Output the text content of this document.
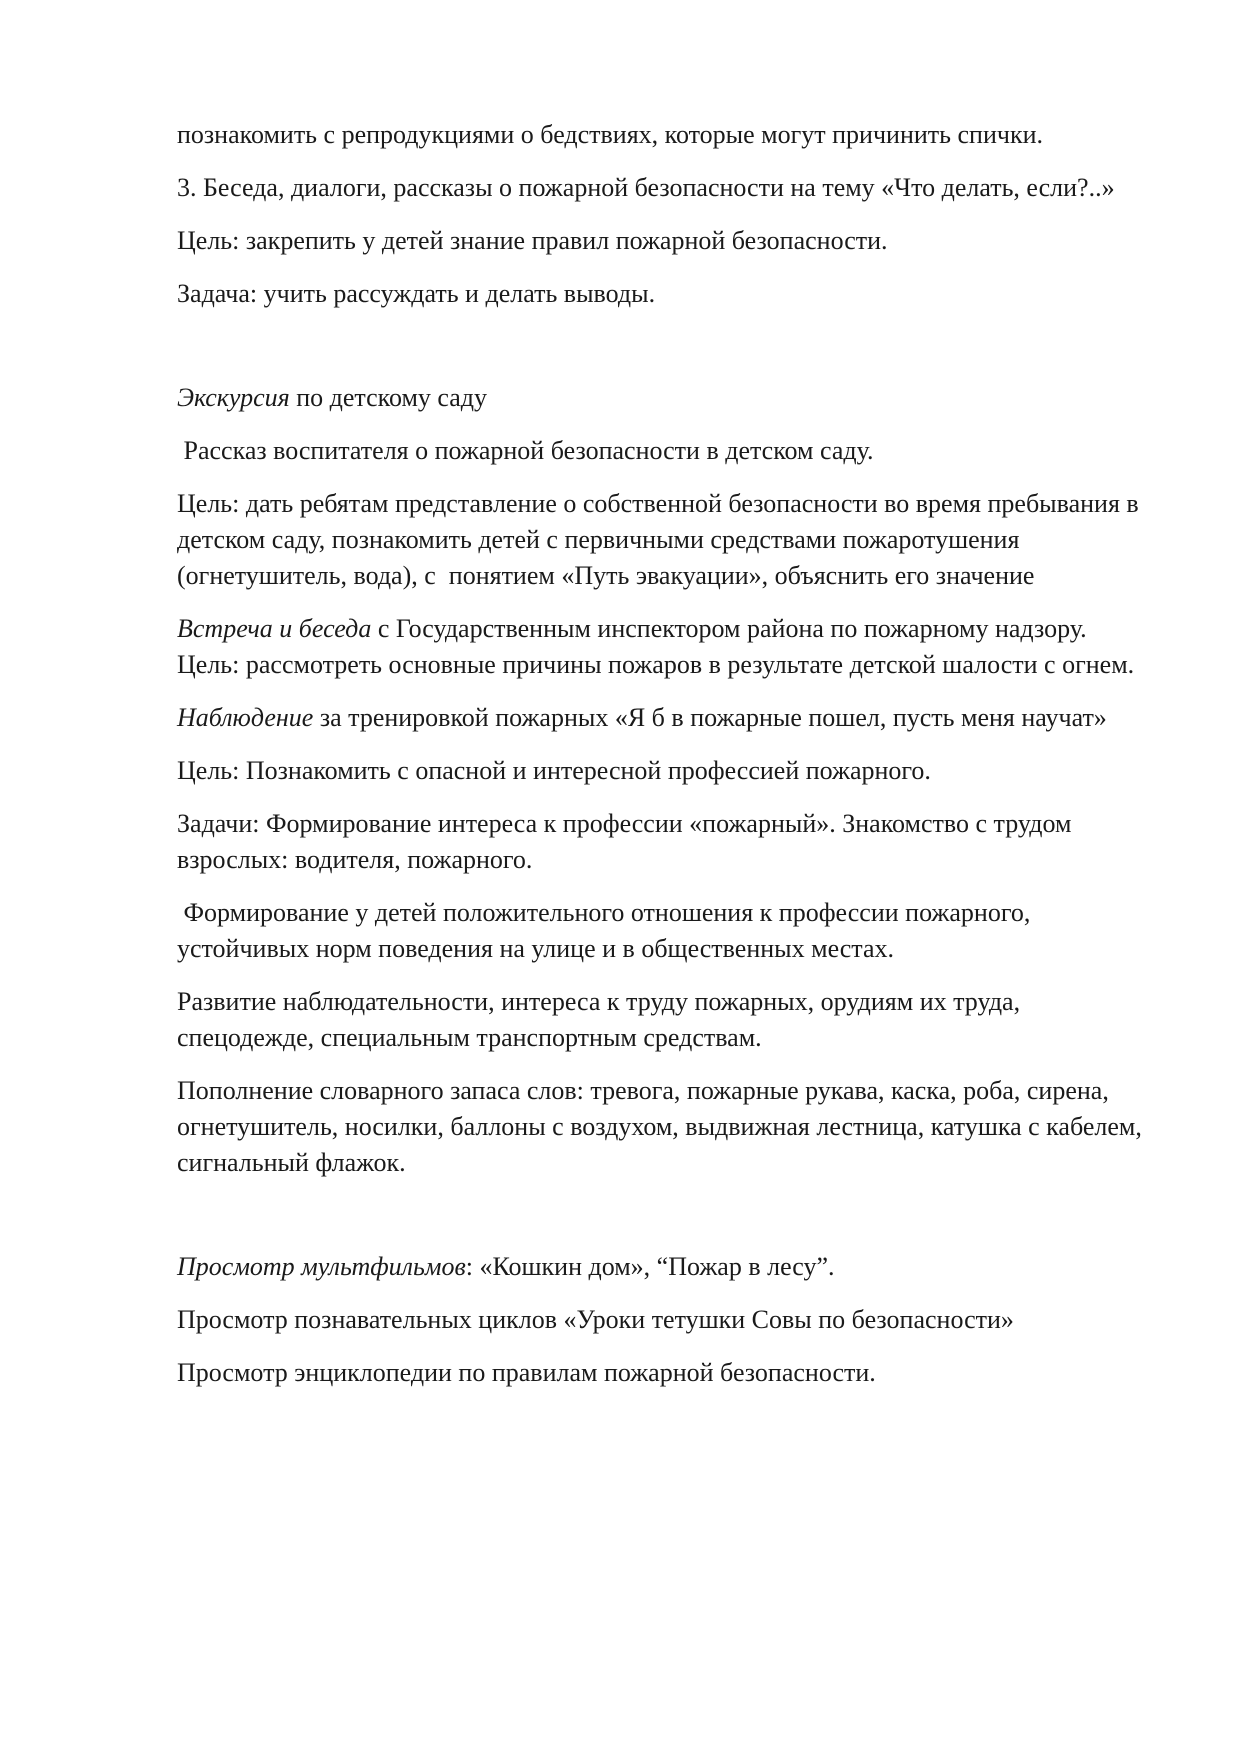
познакомить с репродукциями о бедствиях, которые могут причинить спички.

3. Беседа, диалоги, рассказы о пожарной безопасности на тему «Что делать, если?..»

Цель: закрепить у детей знание правил пожарной безопасности.

Задача: учить рассуждать и делать выводы.

Экскурсия по детскому саду

Рассказ воспитателя о пожарной безопасности в детском саду.

Цель: дать ребятам представление о собственной безопасности во время пребывания в детском саду, познакомить детей с первичными средствами пожаротушения (огнетушитель, вода), с  понятием «Путь эвакуации», объяснить его значение

Встреча и беседа с Государственным инспектором района по пожарному надзору.

Цель: рассмотреть основные причины пожаров в результате детской шалости с огнем.

Наблюдение за тренировкой пожарных «Я б в пожарные пошел, пусть меня научат»

Цель: Познакомить с опасной и интересной профессией пожарного.

Задачи: Формирование интереса к профессии «пожарный». Знакомство с трудом взрослых: водителя, пожарного.

Формирование у детей положительного отношения к профессии пожарного, устойчивых норм поведения на улице и в общественных местах.

Развитие наблюдательности, интереса к труду пожарных, орудиям их труда, спецодежде, специальным транспортным средствам.

Пополнение словарного запаса слов: тревога, пожарные рукава, каска, роба, сирена, огнетушитель, носилки, баллоны с воздухом, выдвижная лестница, катушка с кабелем, сигнальный флажок.

Просмотр мультфильмов: «Кошкин дом», “Пожар в лесу”.

Просмотр познавательных циклов «Уроки тетушки Совы по безопасности»

Просмотр энциклопедии по правилам пожарной безопасности.
